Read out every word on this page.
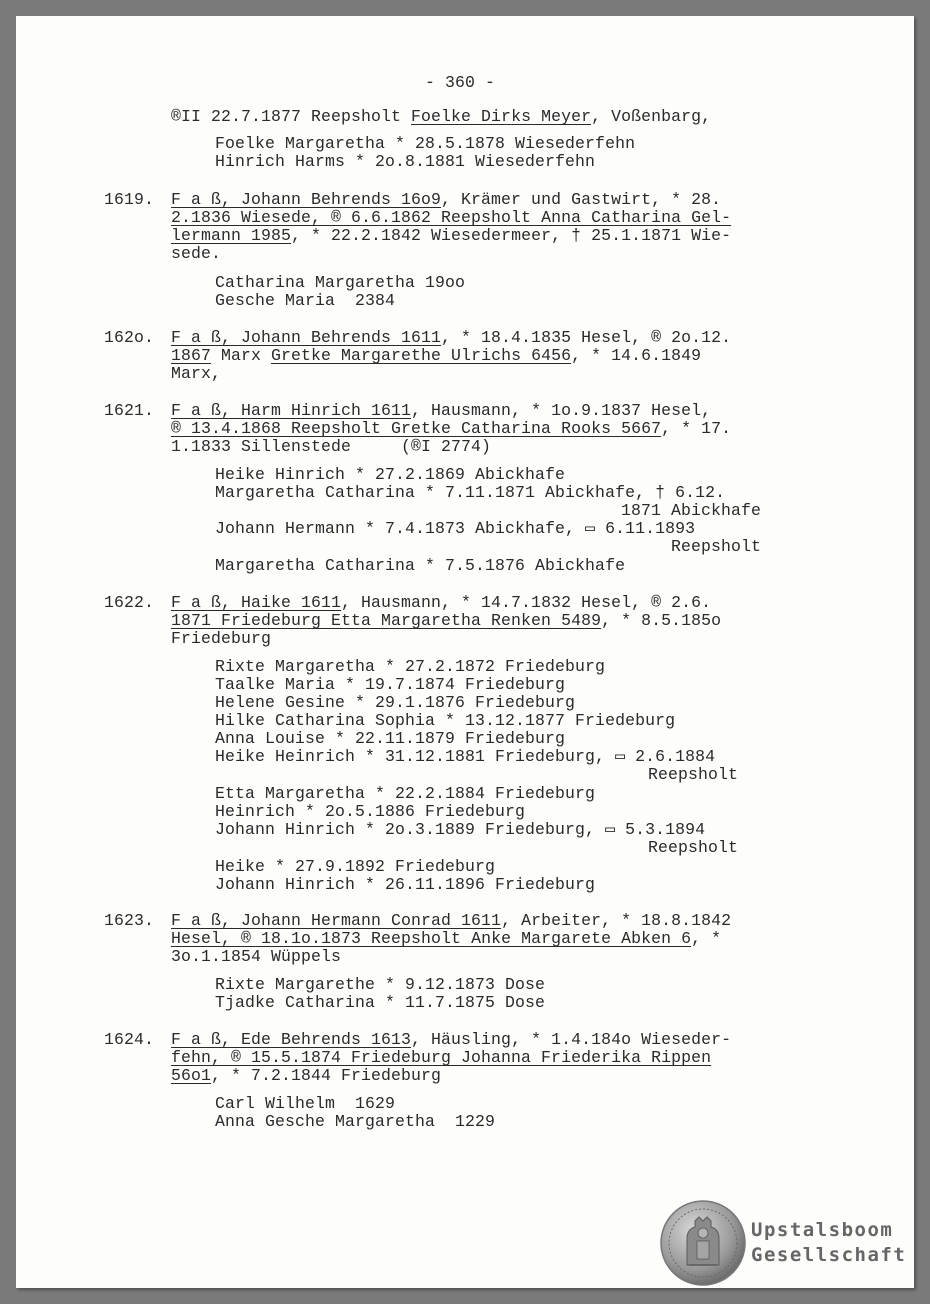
- 360 -
®II 22.7.1877 Reepsholt Foelke Dirks Meyer, Voßenbarg,
Foelke Margaretha * 28.5.1878 Wiesederfehn
Hinrich Harms * 2o.8.1881 Wiesederfehn
1619. F a ß, Johann Behrends 16o9, Krämer und Gastwirt, * 28.
2.1836 Wiesede, ® 6.6.1862 Reepsholt Anna Catharina Gel-
lermann 1985, * 22.2.1842 Wiesedermeer, † 25.1.1871 Wie-
sede.
Catharina Margaretha 19oo
Gesche Maria  2384
162o. F a ß, Johann Behrends 1611, * 18.4.1835 Hesel, ® 2o.12.
1867 Marx Gretke Margarethe Ulrichs 6456, * 14.6.1849
Marx,
1621. F a ß, Harm Hinrich 1611, Hausmann, * 1o.9.1837 Hesel,
® 13.4.1868 Reepsholt Gretke Catharina Rooks 5667, * 17.
1.1833 Sillenstede     (®I 2774)
Heike Hinrich * 27.2.1869 Abickhafe
Margaretha Catharina * 7.11.1871 Abickhafe, † 6.12.
1871 Abickhafe
Johann Hermann * 7.4.1873 Abickhafe, ▭ 6.11.1893
Reepsholt
Margaretha Catharina * 7.5.1876 Abickhafe
1622. F a ß, Haike 1611, Hausmann, * 14.7.1832 Hesel, ® 2.6.
1871 Friedeburg Etta Margaretha Renken 5489, * 8.5.185o
Friedeburg
Rixte Margaretha * 27.2.1872 Friedeburg
Taalke Maria * 19.7.1874 Friedeburg
Helene Gesine * 29.1.1876 Friedeburg
Hilke Catharina Sophia * 13.12.1877 Friedeburg
Anna Louise * 22.11.1879 Friedeburg
Heike Heinrich * 31.12.1881 Friedeburg, ▭ 2.6.1884
Reepsholt
Etta Margaretha * 22.2.1884 Friedeburg
Heinrich * 2o.5.1886 Friedeburg
Johann Hinrich * 2o.3.1889 Friedeburg, ▭ 5.3.1894
Reepsholt
Heike * 27.9.1892 Friedeburg
Johann Hinrich * 26.11.1896 Friedeburg
1623. F a ß, Johann Hermann Conrad 1611, Arbeiter, * 18.8.1842
Hesel, ® 18.1o.1873 Reepsholt Anke Margarete Abken 6, *
3o.1.1854 Wüppels
Rixte Margarethe * 9.12.1873 Dose
Tjadke Catharina * 11.7.1875 Dose
1624. F a ß, Ede Behrends 1613, Häusling, * 1.4.184o Wieseder-
fehn, ® 15.5.1874 Friedeburg Johanna Friederika Rippen
56o1, * 7.2.1844 Friedeburg
Carl Wilhelm  1629
Anna Gesche Margaretha  1229
Upstalsboom
Gesellschaft
